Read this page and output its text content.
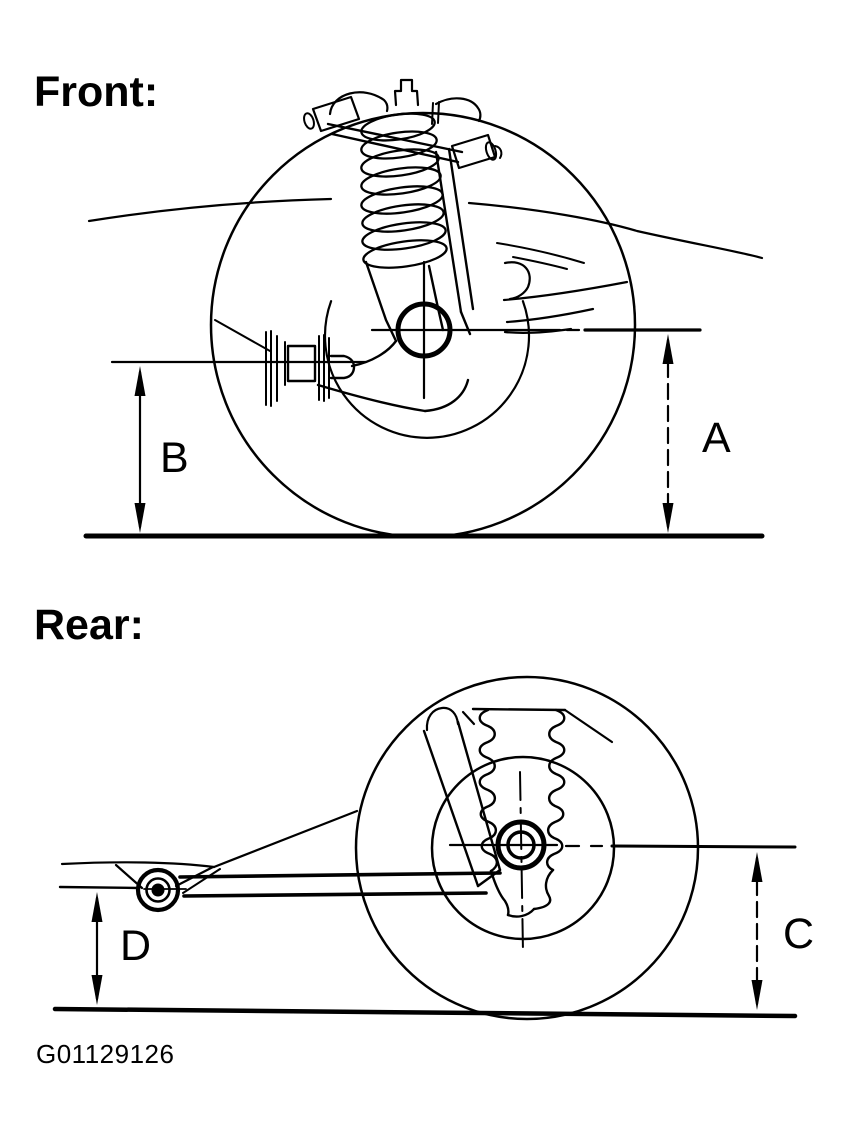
Front:
B	A
Rear:
D	C
G01129126
